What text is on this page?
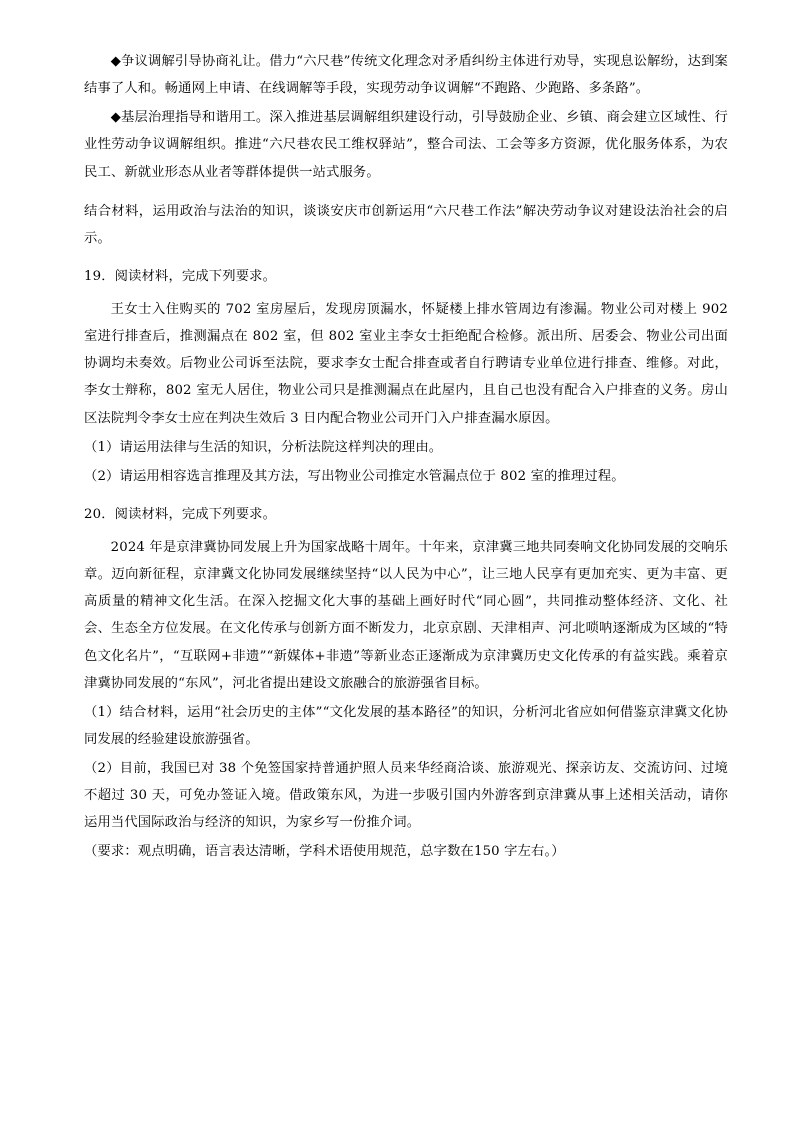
◆争议调解引导协商礼让。借力“六尺巷”传统文化理念对矛盾纠纷主体进行劝导，实现息讼解纷，达到案结事了人和。畅通网上申请、在线调解等手段，实现劳动争议调解“不跑路、少跑路、多条路”。

◆基层治理指导和谐用工。深入推进基层调解组织建设行动，引导鼓励企业、乡镇、商会建立区域性、行业性劳动争议调解组织。推进“六尺巷农民工维权驿站”，整合司法、工会等多方资源，优化服务体系，为农民工、新就业形态从业者等群体提供一站式服务。

结合材料，运用政治与法治的知识，谈谈安庆市创新运用“六尺巷工作法”解决劳动争议对建设法治社会的启示。

19．阅读材料，完成下列要求。

王女士入住购买的 702 室房屋后，发现房顶漏水，怀疑楼上排水管周边有渗漏。物业公司对楼上 902 室进行排查后，推测漏点在 802 室，但 802 室业主李女士拒绝配合检修。派出所、居委会、物业公司出面协调均未奏效。后物业公司诉至法院，要求李女士配合排查或者自行聘请专业单位进行排查、维修。对此，李女士辩称，802 室无人居住，物业公司只是推测漏点在此屋内，且自己也没有配合入户排查的义务。房山区法院判令李女士应在判决生效后 3 日内配合物业公司开门入户排查漏水原因。

（1）请运用法律与生活的知识，分析法院这样判决的理由。

（2）请运用相容选言推理及其方法，写出物业公司推定水管漏点位于 802 室的推理过程。

20．阅读材料，完成下列要求。

2024 年是京津冀协同发展上升为国家战略十周年。十年来，京津冀三地共同奏响文化协同发展的交响乐章。迈向新征程，京津冀文化协同发展继续坚持“以人民为中心”，让三地人民享有更加充实、更为丰富、更高质量的精神文化生活。在深入挖掘文化大事的基础上画好时代“同心圆”，共同推动整体经济、文化、社会、生态全方位发展。在文化传承与创新方面不断发力，北京京剧、天津相声、河北唢呐逐渐成为区域的“特色文化名片”，“互联网+非遗”“新媒体+非遗”等新业态正逐渐成为京津冀历史文化传承的有益实践。乘着京津冀协同发展的“东风”，河北省提出建设文旅融合的旅游强省目标。

（1）结合材料，运用“社会历史的主体”“文化发展的基本路径”的知识，分析河北省应如何借鉴京津冀文化协同发展的经验建设旅游强省。

（2）目前，我国已对 38 个免签国家持普通护照人员来华经商洽谈、旅游观光、探亲访友、交流访问、过境不超过 30 天，可免办签证入境。借政策东风，为进一步吸引国内外游客到京津冀从事上述相关活动，请你运用当代国际政治与经济的知识，为家乡写一份推介词。

（要求：观点明确，语言表达清晰，学科术语使用规范，总字数在150 字左右。）
